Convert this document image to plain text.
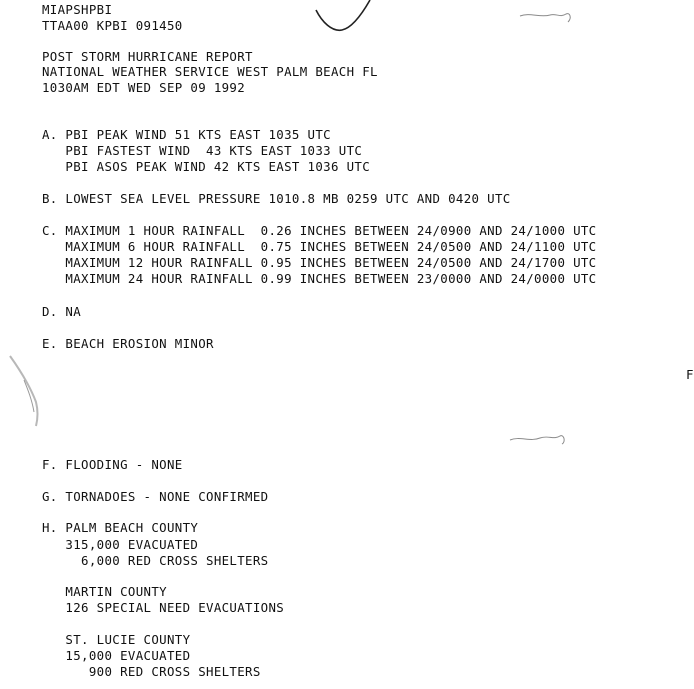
MIAPSHPBI
TTAA00 KPBI 091450
POST STORM HURRICANE REPORT
NATIONAL WEATHER SERVICE WEST PALM BEACH FL
1030AM EDT WED SEP 09 1992
A. PBI PEAK WIND 51 KTS EAST 1035 UTC
PBI FASTEST WIND  43 KTS EAST 1033 UTC
PBI ASOS PEAK WIND 42 KTS EAST 1036 UTC
B. LOWEST SEA LEVEL PRESSURE 1010.8 MB 0259 UTC AND 0420 UTC
C. MAXIMUM 1 HOUR RAINFALL  0.26 INCHES BETWEEN 24/0900 AND 24/1000 UTC
MAXIMUM 6 HOUR RAINFALL  0.75 INCHES BETWEEN 24/0500 AND 24/1100 UTC
MAXIMUM 12 HOUR RAINFALL 0.95 INCHES BETWEEN 24/0500 AND 24/1700 UTC
MAXIMUM 24 HOUR RAINFALL 0.99 INCHES BETWEEN 23/0000 AND 24/0000 UTC
D. NA
E. BEACH EROSION MINOR
F
F. FLOODING - NONE
G. TORNADOES - NONE CONFIRMED
H. PALM BEACH COUNTY
315,000 EVACUATED
6,000 RED CROSS SHELTERS
MARTIN COUNTY
126 SPECIAL NEED EVACUATIONS
ST. LUCIE COUNTY
15,000 EVACUATED
900 RED CROSS SHELTERS
